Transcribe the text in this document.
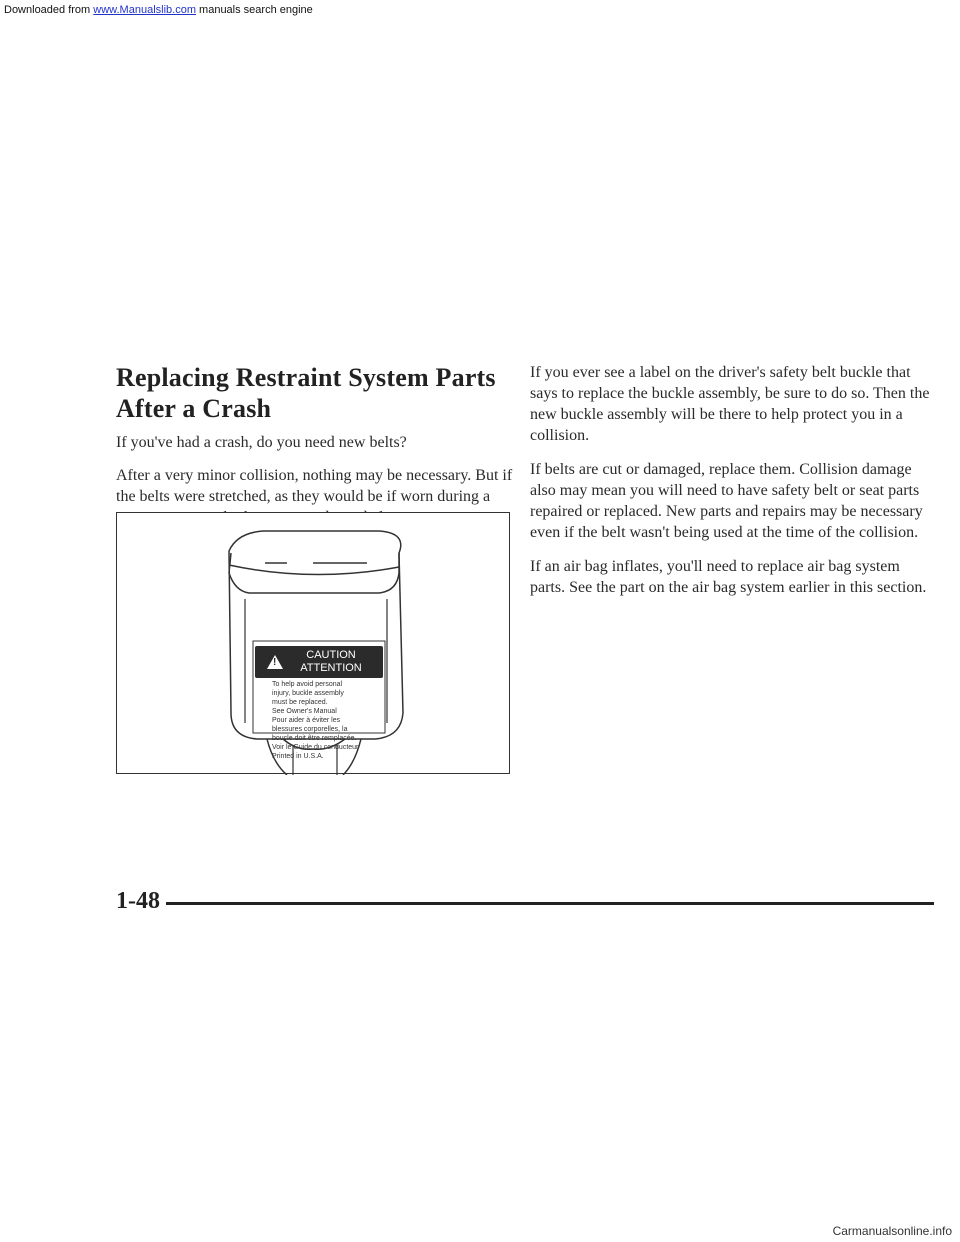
Downloaded from www.Manualslib.com manuals search engine
Replacing Restraint System Parts
After a Crash

If you've had a crash, do you need new belts?

After a very minor collision, nothing may be necessary. But if the belts were stretched, as they would be if worn during a

!
CAUTION
ATTENTION
To help avoid personal
injury, buckle assembly
must be replaced.
See Owner's Manual
Pour aider à éviter les
blessures corporelles, la
boucle doit être remplacée.
Voir le Guide du conducteur
Printed in U.S.A.

If you ever see a label on the driver's safety belt buckle that says to replace the buckle assembly, be sure to do so. Then the new buckle assembly will be there to help protect you in a collision.

If belts are cut or damaged, replace them. Collision damage also may mean you will need to have safety belt or seat parts repaired or replaced. New parts and repairs may be necessary even if the belt wasn't being used at the time of the collision.

If an air bag inflates, you'll need to replace air bag system parts. See the part on the air bag system earlier in this section.

1-48
Carmanualsonline.info
